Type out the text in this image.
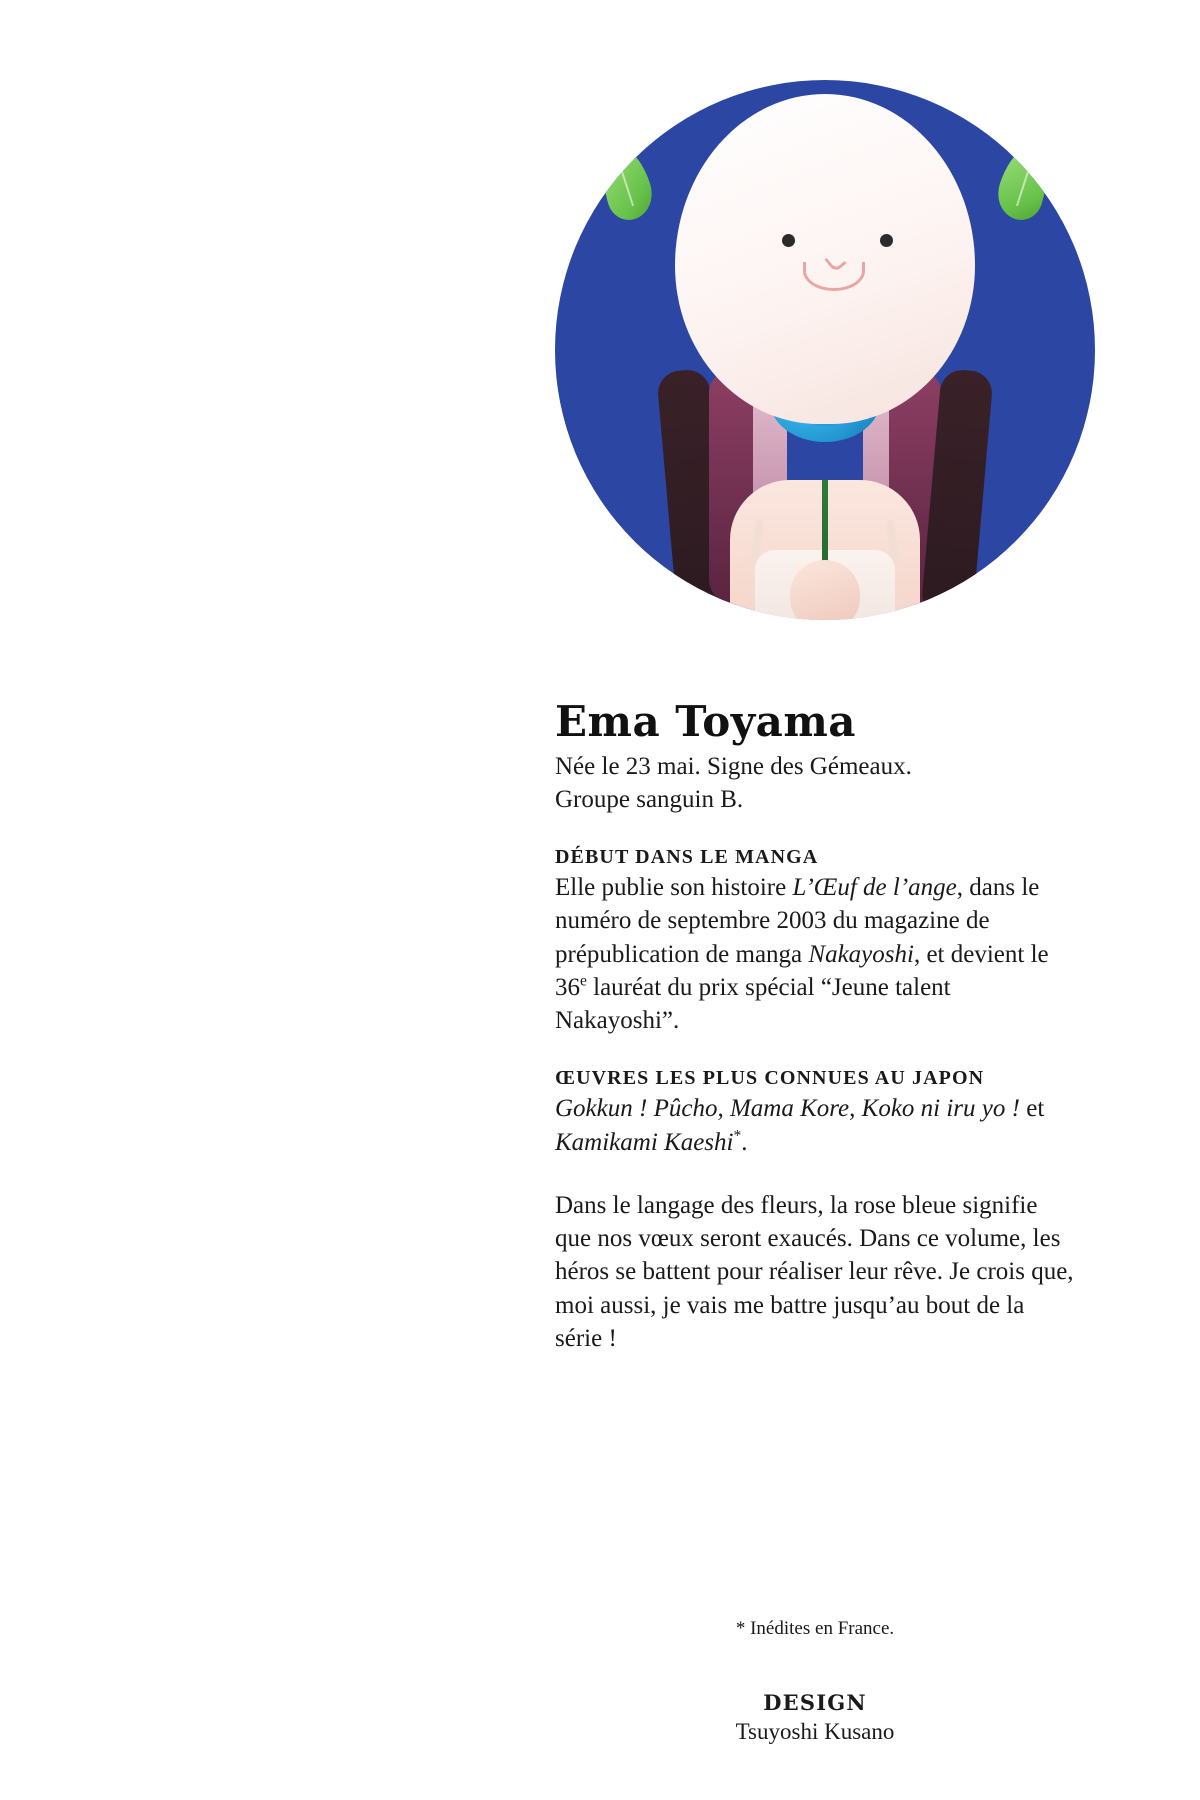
Ema Toyama

Née le 23 mai. Signe des Gémeaux.
Groupe sanguin B.

DÉBUT DANS LE MANGA

Elle publie son histoire L’Œuf de l’ange, dans le numéro de septembre 2003 du magazine de prépublication de manga Nakayoshi, et devient le 36e lauréat du prix spécial “Jeune talent Nakayoshi”.

ŒUVRES LES PLUS CONNUES AU JAPON

Gokkun ! Pûcho, Mama Kore, Koko ni iru yo ! et Kamikami Kaeshi*.

Dans le langage des fleurs, la rose bleue signifie que nos vœux seront exaucés. Dans ce volume, les héros se battent pour réaliser leur rêve. Je crois que, moi aussi, je vais me battre jusqu’au bout de la série !

* Inédites en France.

DESIGN

Tsuyoshi Kusano
